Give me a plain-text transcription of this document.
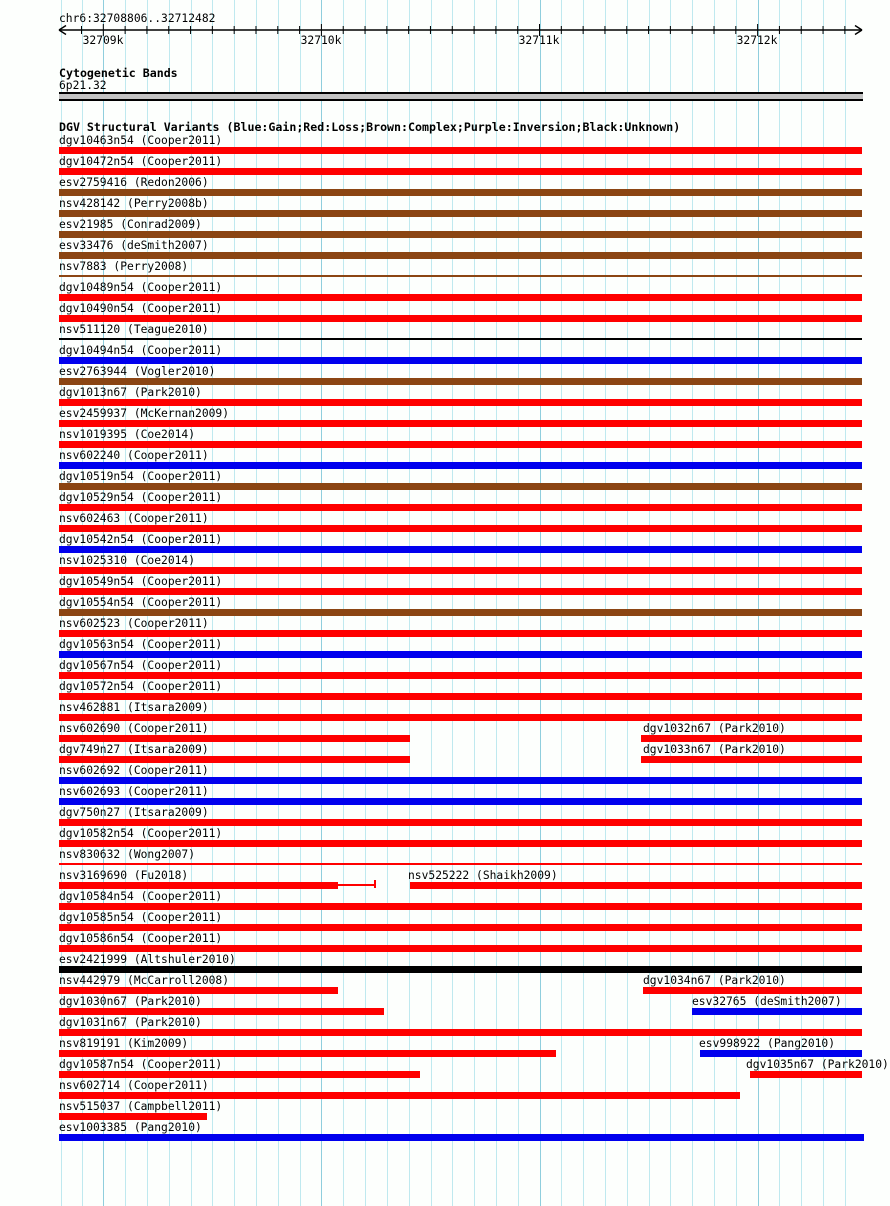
chr6:32708806..32712482
32709k	32710k	32711k	32712k
Cytogenetic Bands
6p21.32
DGV Structural Variants (Blue:Gain;Red:Loss;Brown:Complex;Purple:Inversion;Black:Unknown)
dgv10463n54 (Cooper2011)
dgv10472n54 (Cooper2011)
esv2759416 (Redon2006)
nsv428142 (Perry2008b)
esv21985 (Conrad2009)
esv33476 (deSmith2007)
nsv7883 (Perry2008)
dgv10489n54 (Cooper2011)
dgv10490n54 (Cooper2011)
nsv511120 (Teague2010)
dgv10494n54 (Cooper2011)
esv2763944 (Vogler2010)
dgv1013n67 (Park2010)
esv2459937 (McKernan2009)
nsv1019395 (Coe2014)
nsv602240 (Cooper2011)
dgv10519n54 (Cooper2011)
dgv10529n54 (Cooper2011)
nsv602463 (Cooper2011)
dgv10542n54 (Cooper2011)
nsv1025310 (Coe2014)
dgv10549n54 (Cooper2011)
dgv10554n54 (Cooper2011)
nsv602523 (Cooper2011)
dgv10563n54 (Cooper2011)
dgv10567n54 (Cooper2011)
dgv10572n54 (Cooper2011)
nsv462881 (Itsara2009)
nsv602690 (Cooper2011)	dgv1032n67 (Park2010)
dgv749n27 (Itsara2009)	dgv1033n67 (Park2010)
nsv602692 (Cooper2011)
nsv602693 (Cooper2011)
dgv750n27 (Itsara2009)
dgv10582n54 (Cooper2011)
nsv830632 (Wong2007)
nsv3169690 (Fu2018)	nsv525222 (Shaikh2009)
dgv10584n54 (Cooper2011)
dgv10585n54 (Cooper2011)
dgv10586n54 (Cooper2011)
esv2421999 (Altshuler2010)
nsv442979 (McCarroll2008)	dgv1034n67 (Park2010)
dgv1030n67 (Park2010)	esv32765 (deSmith2007)
dgv1031n67 (Park2010)
nsv819191 (Kim2009)	esv998922 (Pang2010)
dgv10587n54 (Cooper2011)	dgv1035n67 (Park2010)
nsv602714 (Cooper2011)
nsv515037 (Campbell2011)
esv1003385 (Pang2010)
